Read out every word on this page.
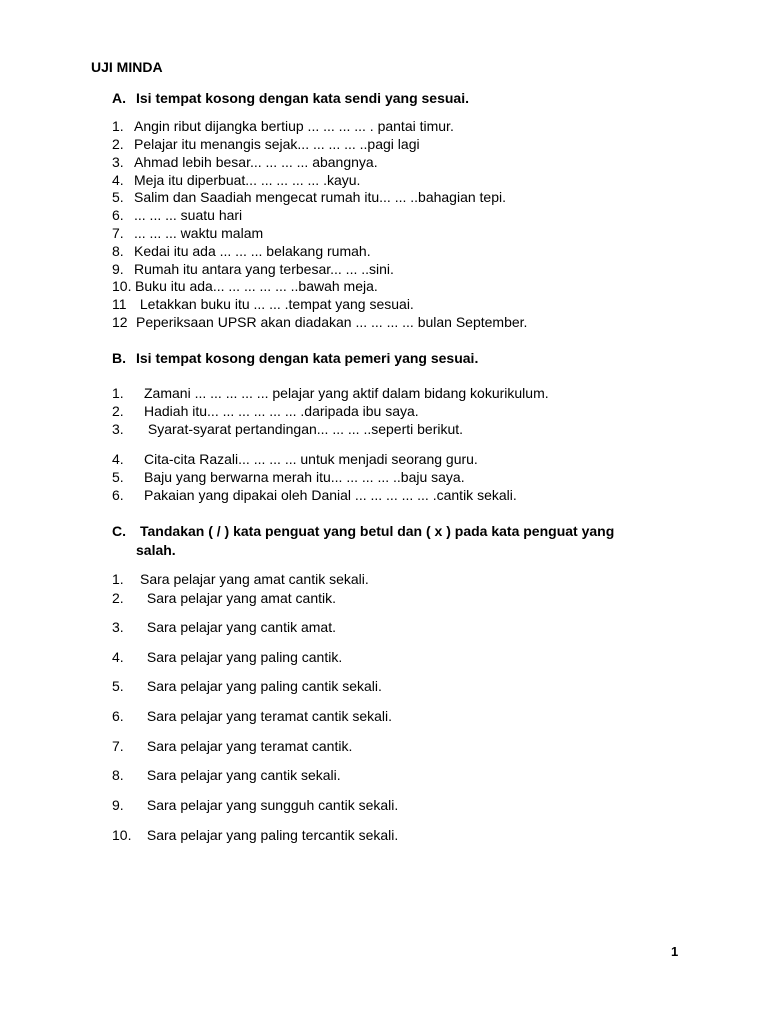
UJI MINDA
A. Isi tempat kosong dengan kata sendi yang sesuai.
1. Angin ribut dijangka bertiup ... ... ... ... . pantai timur.
2. Pelajar itu menangis sejak... ... ... ... ..pagi lagi
3. Ahmad lebih besar... ... ... ... abangnya.
4. Meja itu diperbuat... ... ... ... ... .kayu.
5. Salim dan Saadiah mengecat rumah itu... ... ..bahagian tepi.
6. ... ... ... suatu hari
7. ... ... ... waktu malam
8. Kedai itu ada ... ... ... belakang rumah.
9. Rumah itu antara yang terbesar... ... ..sini.
10. Buku itu ada... ... ... ... ... ..bawah meja.
11 Letakkan buku itu ... ... .tempat yang sesuai.
12 Peperiksaan UPSR akan diadakan ... ... ... ... bulan September.
B. Isi tempat kosong dengan kata pemeri yang sesuai.
1. Zamani ... ... ... ... ... pelajar yang aktif dalam bidang kokurikulum.
2. Hadiah itu... ... ... ... ... ... .daripada ibu saya.
3. Syarat-syarat pertandingan... ... ... ..seperti berikut.
4. Cita-cita Razali... ... ... ... untuk menjadi seorang guru.
5. Baju yang berwarna merah itu... ... ... ... ..baju saya.
6. Pakaian yang dipakai oleh Danial ... ... ... ... ... .cantik sekali.
C. Tandakan ( / ) kata penguat yang betul dan ( x ) pada kata penguat yang
salah.
1. Sara pelajar yang amat cantik sekali.
2. Sara pelajar yang amat cantik.
3. Sara pelajar yang cantik amat.
4. Sara pelajar yang paling cantik.
5. Sara pelajar yang paling cantik sekali.
6. Sara pelajar yang teramat cantik sekali.
7. Sara pelajar yang teramat cantik.
8. Sara pelajar yang cantik sekali.
9. Sara pelajar yang sungguh cantik sekali.
10. Sara pelajar yang paling tercantik sekali.
1
